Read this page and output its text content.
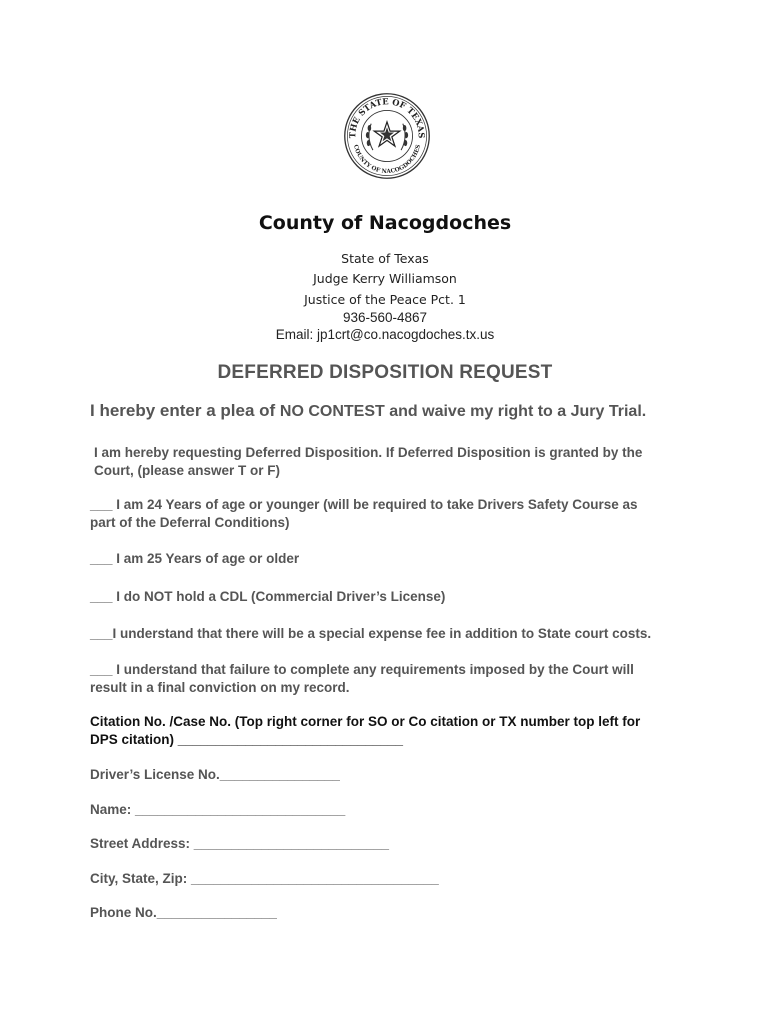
THE STATE OF TEXAS
COUNTY OF NACOGDOCHES
County of Nacogdoches
State of Texas
Judge Kerry Williamson
Justice of the Peace Pct. 1
936-560-4867
Email: jp1crt@co.nacogdoches.tx.us
DEFERRED DISPOSITION REQUEST
I hereby enter a plea of NO CONTEST and waive my right to a Jury Trial.
I am hereby requesting Deferred Disposition. If Deferred Disposition is granted by the Court, (please answer T or F)
___ I am 24 Years of age or younger (will be required to take Drivers Safety Course as part of the Deferral Conditions)
___ I am 25 Years of age or older
___ I do NOT hold a CDL (Commercial Driver’s License)
___I understand that there will be a special expense fee in addition to State court costs.
___ I understand that failure to complete any requirements imposed by the Court will result in a final conviction on my record.
Citation No. /Case No. (Top right corner for SO or Co citation or TX number top left for DPS citation) ______________________________
Driver’s License No.________________
Name: ____________________________
Street Address: __________________________
City, State, Zip: _________________________________
Phone No.________________
